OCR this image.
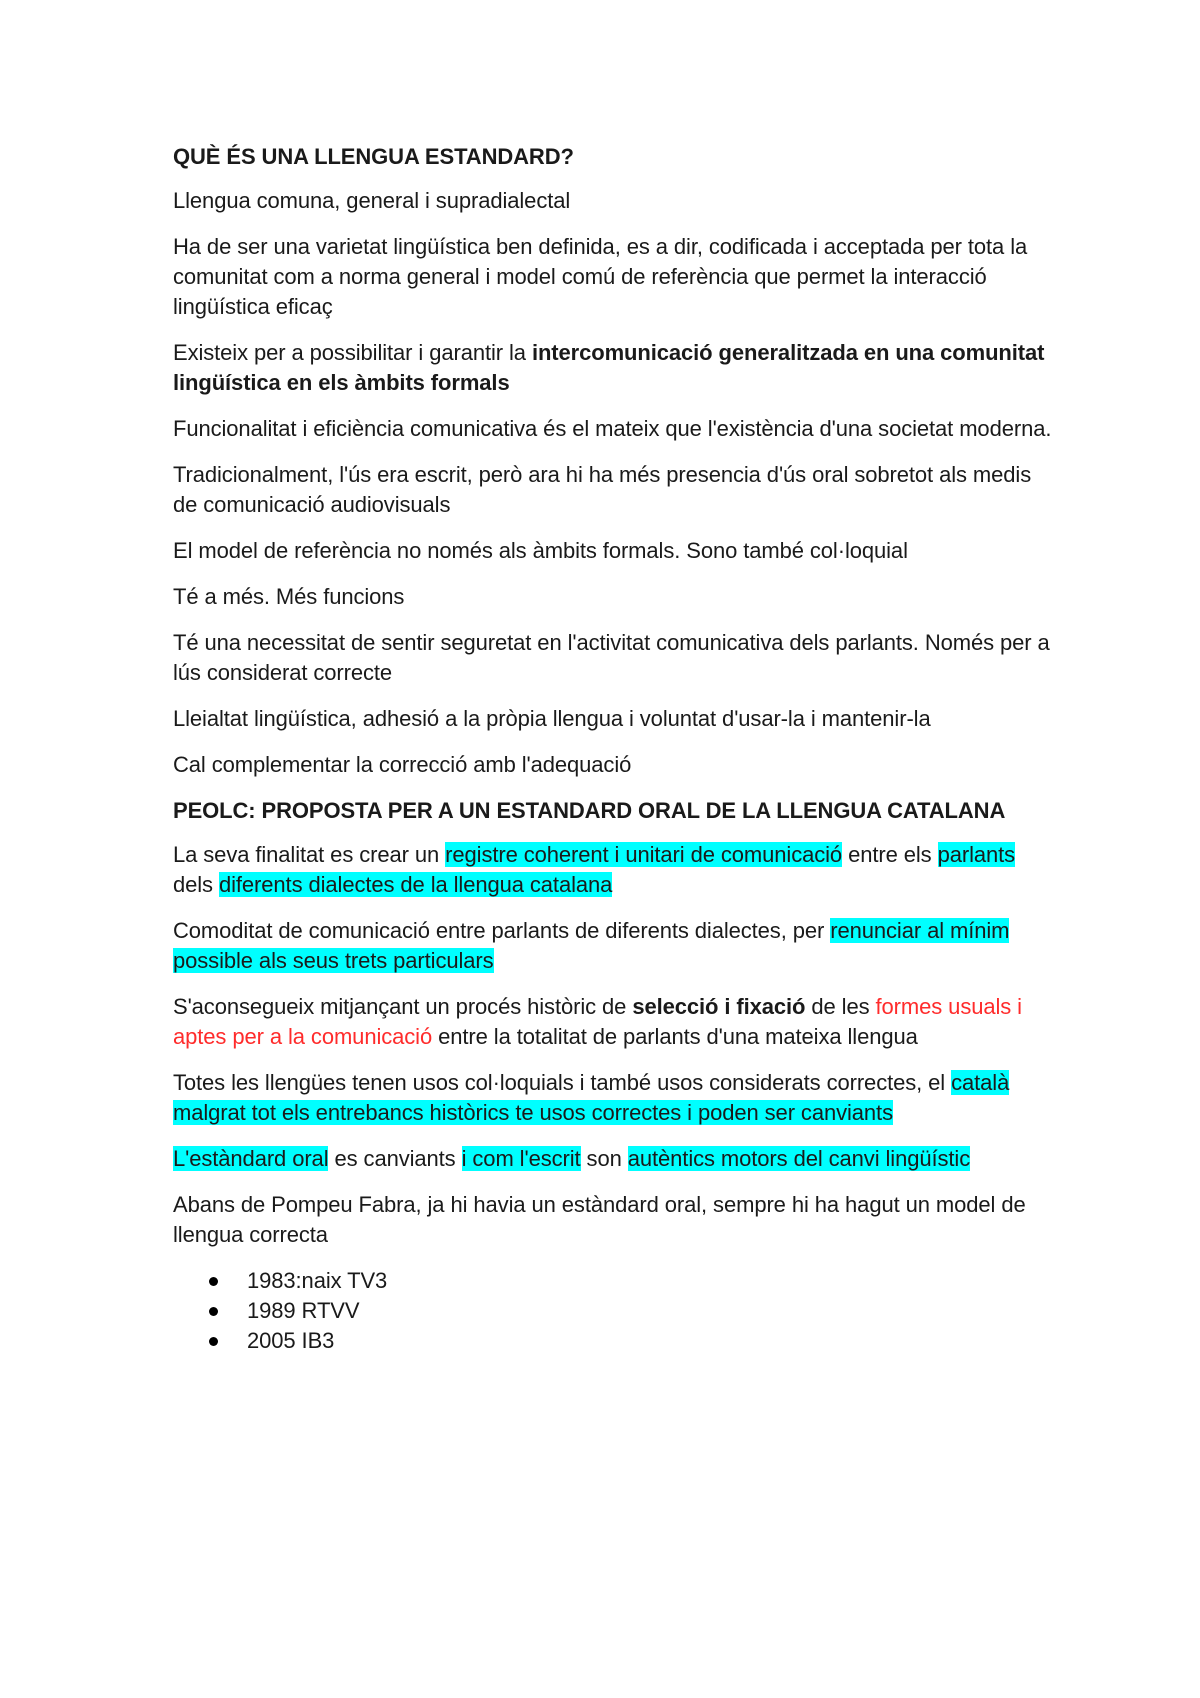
QUÈ ÉS UNA LLENGUA ESTANDARD?
Llengua comuna, general i supradialectal
Ha de ser una varietat lingüística ben definida, es a dir, codificada i acceptada per tota la comunitat com a norma general i model comú de referència que permet la interacció lingüística eficaç
Existeix per a possibilitar i garantir la intercomunicació generalitzada en una comunitat lingüística en els àmbits formals
Funcionalitat i eficiència comunicativa és el mateix que l'existència d'una societat moderna.
Tradicionalment, l'ús era escrit, però ara hi ha més presencia d'ús oral sobretot als medis de comunicació audiovisuals
El model de referència no només als àmbits formals. Sono també col·loquial
Té a més. Més funcions
Té una necessitat de sentir seguretat en l'activitat comunicativa dels parlants. Només per a lús considerat correcte
Lleialtat lingüística, adhesió a la pròpia llengua i voluntat d'usar-la i mantenir-la
Cal complementar la correcció amb l'adequació
PEOLC: PROPOSTA PER A UN ESTANDARD ORAL DE LA LLENGUA CATALANA
La seva finalitat es crear un registre coherent i unitari de comunicació entre els parlants dels diferents dialectes de la llengua catalana
Comoditat de comunicació entre parlants de diferents dialectes, per renunciar al mínim possible als seus trets particulars
S'aconsegueix mitjançant un procés històric de selecció i fixació de les formes usuals i aptes per a la comunicació entre la totalitat de parlants d'una mateixa llengua
Totes les llengües tenen usos col·loquials i també usos considerats correctes, el català malgrat tot els entrebancs històrics te usos correctes i poden ser canviants
L'estàndard oral es canviants i com l'escrit son autèntics motors del canvi lingüístic
Abans de Pompeu Fabra, ja hi havia un estàndard oral, sempre hi ha hagut un model de llengua correcta
1983:naix TV3
1989 RTVV
2005 IB3
